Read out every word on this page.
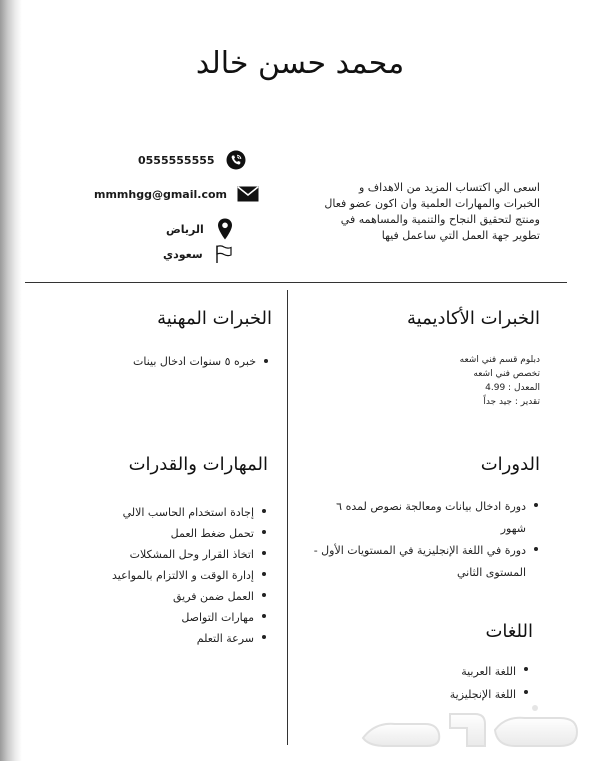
محمد حسن خالد
0555555555
mmmhgg@gmail.com
الرياض
سعودي

اسعى الي اكتساب المزيد من الاهداف و الخبرات والمهارات العلمية وان اكون عضو فعال ومنتج لتحقيق النجاح والتنمية والمساهمه في تطوير جهة العمل التي ساعمل فيها

الخبرات الأكاديمية
دبلوم قسم فني اشعه
تخصص فني اشعه
المعدل : 4.99
تقدير : جيد جداً
الدورات
دورة ادخال بيانات ومعالجة نصوص لمده ٦ شهور
دورة في اللغة الإنجليزية في المستويات الأول - المستوى الثاني
اللغات
اللغة العربية
اللغة الإنجليزية
الخبرات المهنية
خبره ٥ سنوات ادخال بينات
المهارات والقدرات
إجادة استخدام الحاسب الالي
تحمل ضغط العمل
اتخاذ القرار وحل المشكلات
إدارة الوقت و الالتزام بالمواعيد
العمل ضمن فريق
مهارات التواصل
سرعة التعلم
